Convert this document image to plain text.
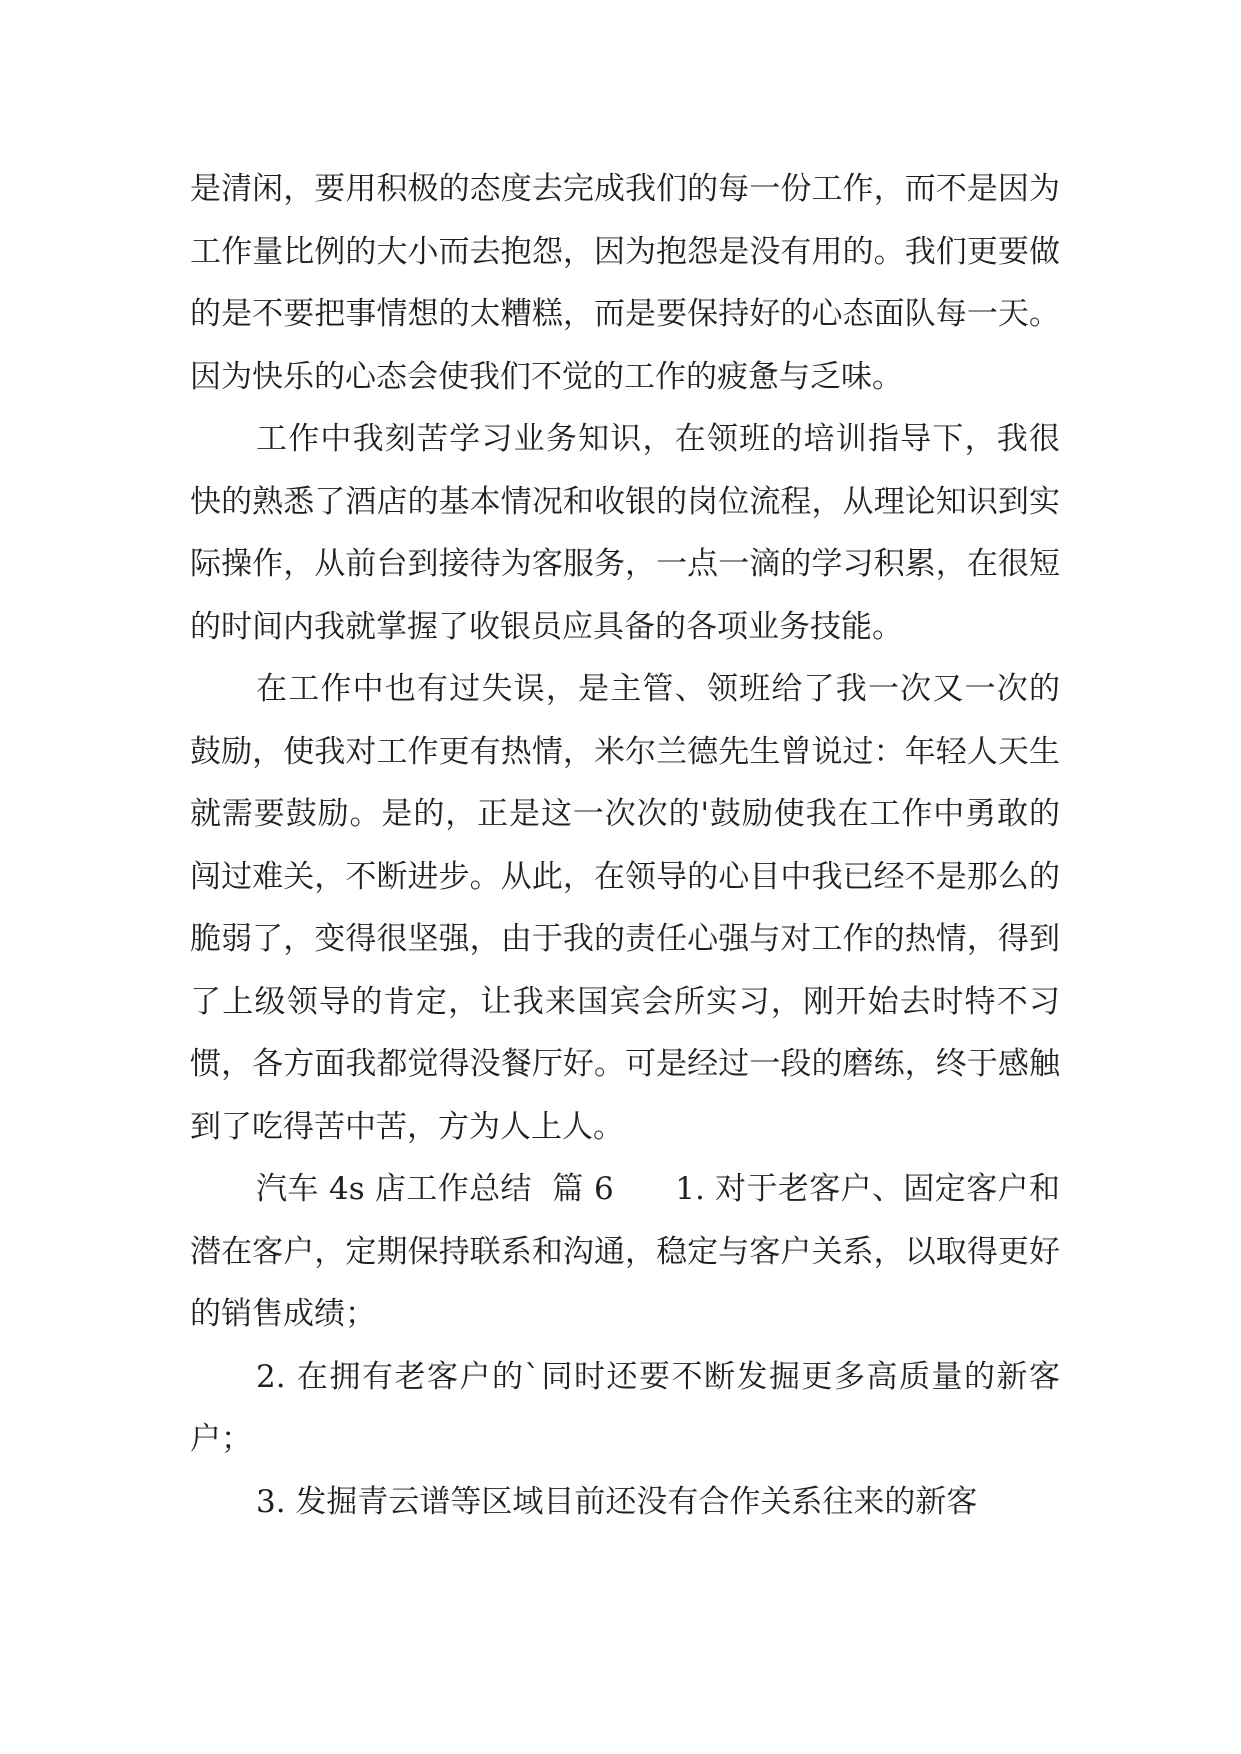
是清闲，要用积极的态度去完成我们的每一份工作，而不是因为工作量比例的大小而去抱怨，因为抱怨是没有用的。我们更要做的是不要把事情想的太糟糕，而是要保持好的心态面队每一天。因为快乐的心态会使我们不觉的工作的疲惫与乏味。

工作中我刻苦学习业务知识，在领班的培训指导下，我很快的熟悉了酒店的基本情况和收银的岗位流程，从理论知识到实际操作，从前台到接待为客服务，一点一滴的学习积累，在很短的时间内我就掌握了收银员应具备的各项业务技能。

在工作中也有过失误，是主管、领班给了我一次又一次的鼓励，使我对工作更有热情，米尔兰德先生曾说过：年轻人天生就需要鼓励。是的，正是这一次次的'鼓励使我在工作中勇敢的闯过难关，不断进步。从此，在领导的心目中我已经不是那么的脆弱了，变得很坚强，由于我的责任心强与对工作的热情，得到了上级领导的肯定，让我来国宾会所实习，刚开始去时特不习惯，各方面我都觉得没餐厅好。可是经过一段的磨练，终于感触到了吃得苦中苦，方为人上人。

汽车 4s 店工作总结  篇 6      1. 对于老客户、固定客户和潜在客户，定期保持联系和沟通，稳定与客户关系，以取得更好的销售成绩；

2. 在拥有老客户的`同时还要不断发掘更多高质量的新客户；

3. 发掘青云谱等区域目前还没有合作关系往来的新客
